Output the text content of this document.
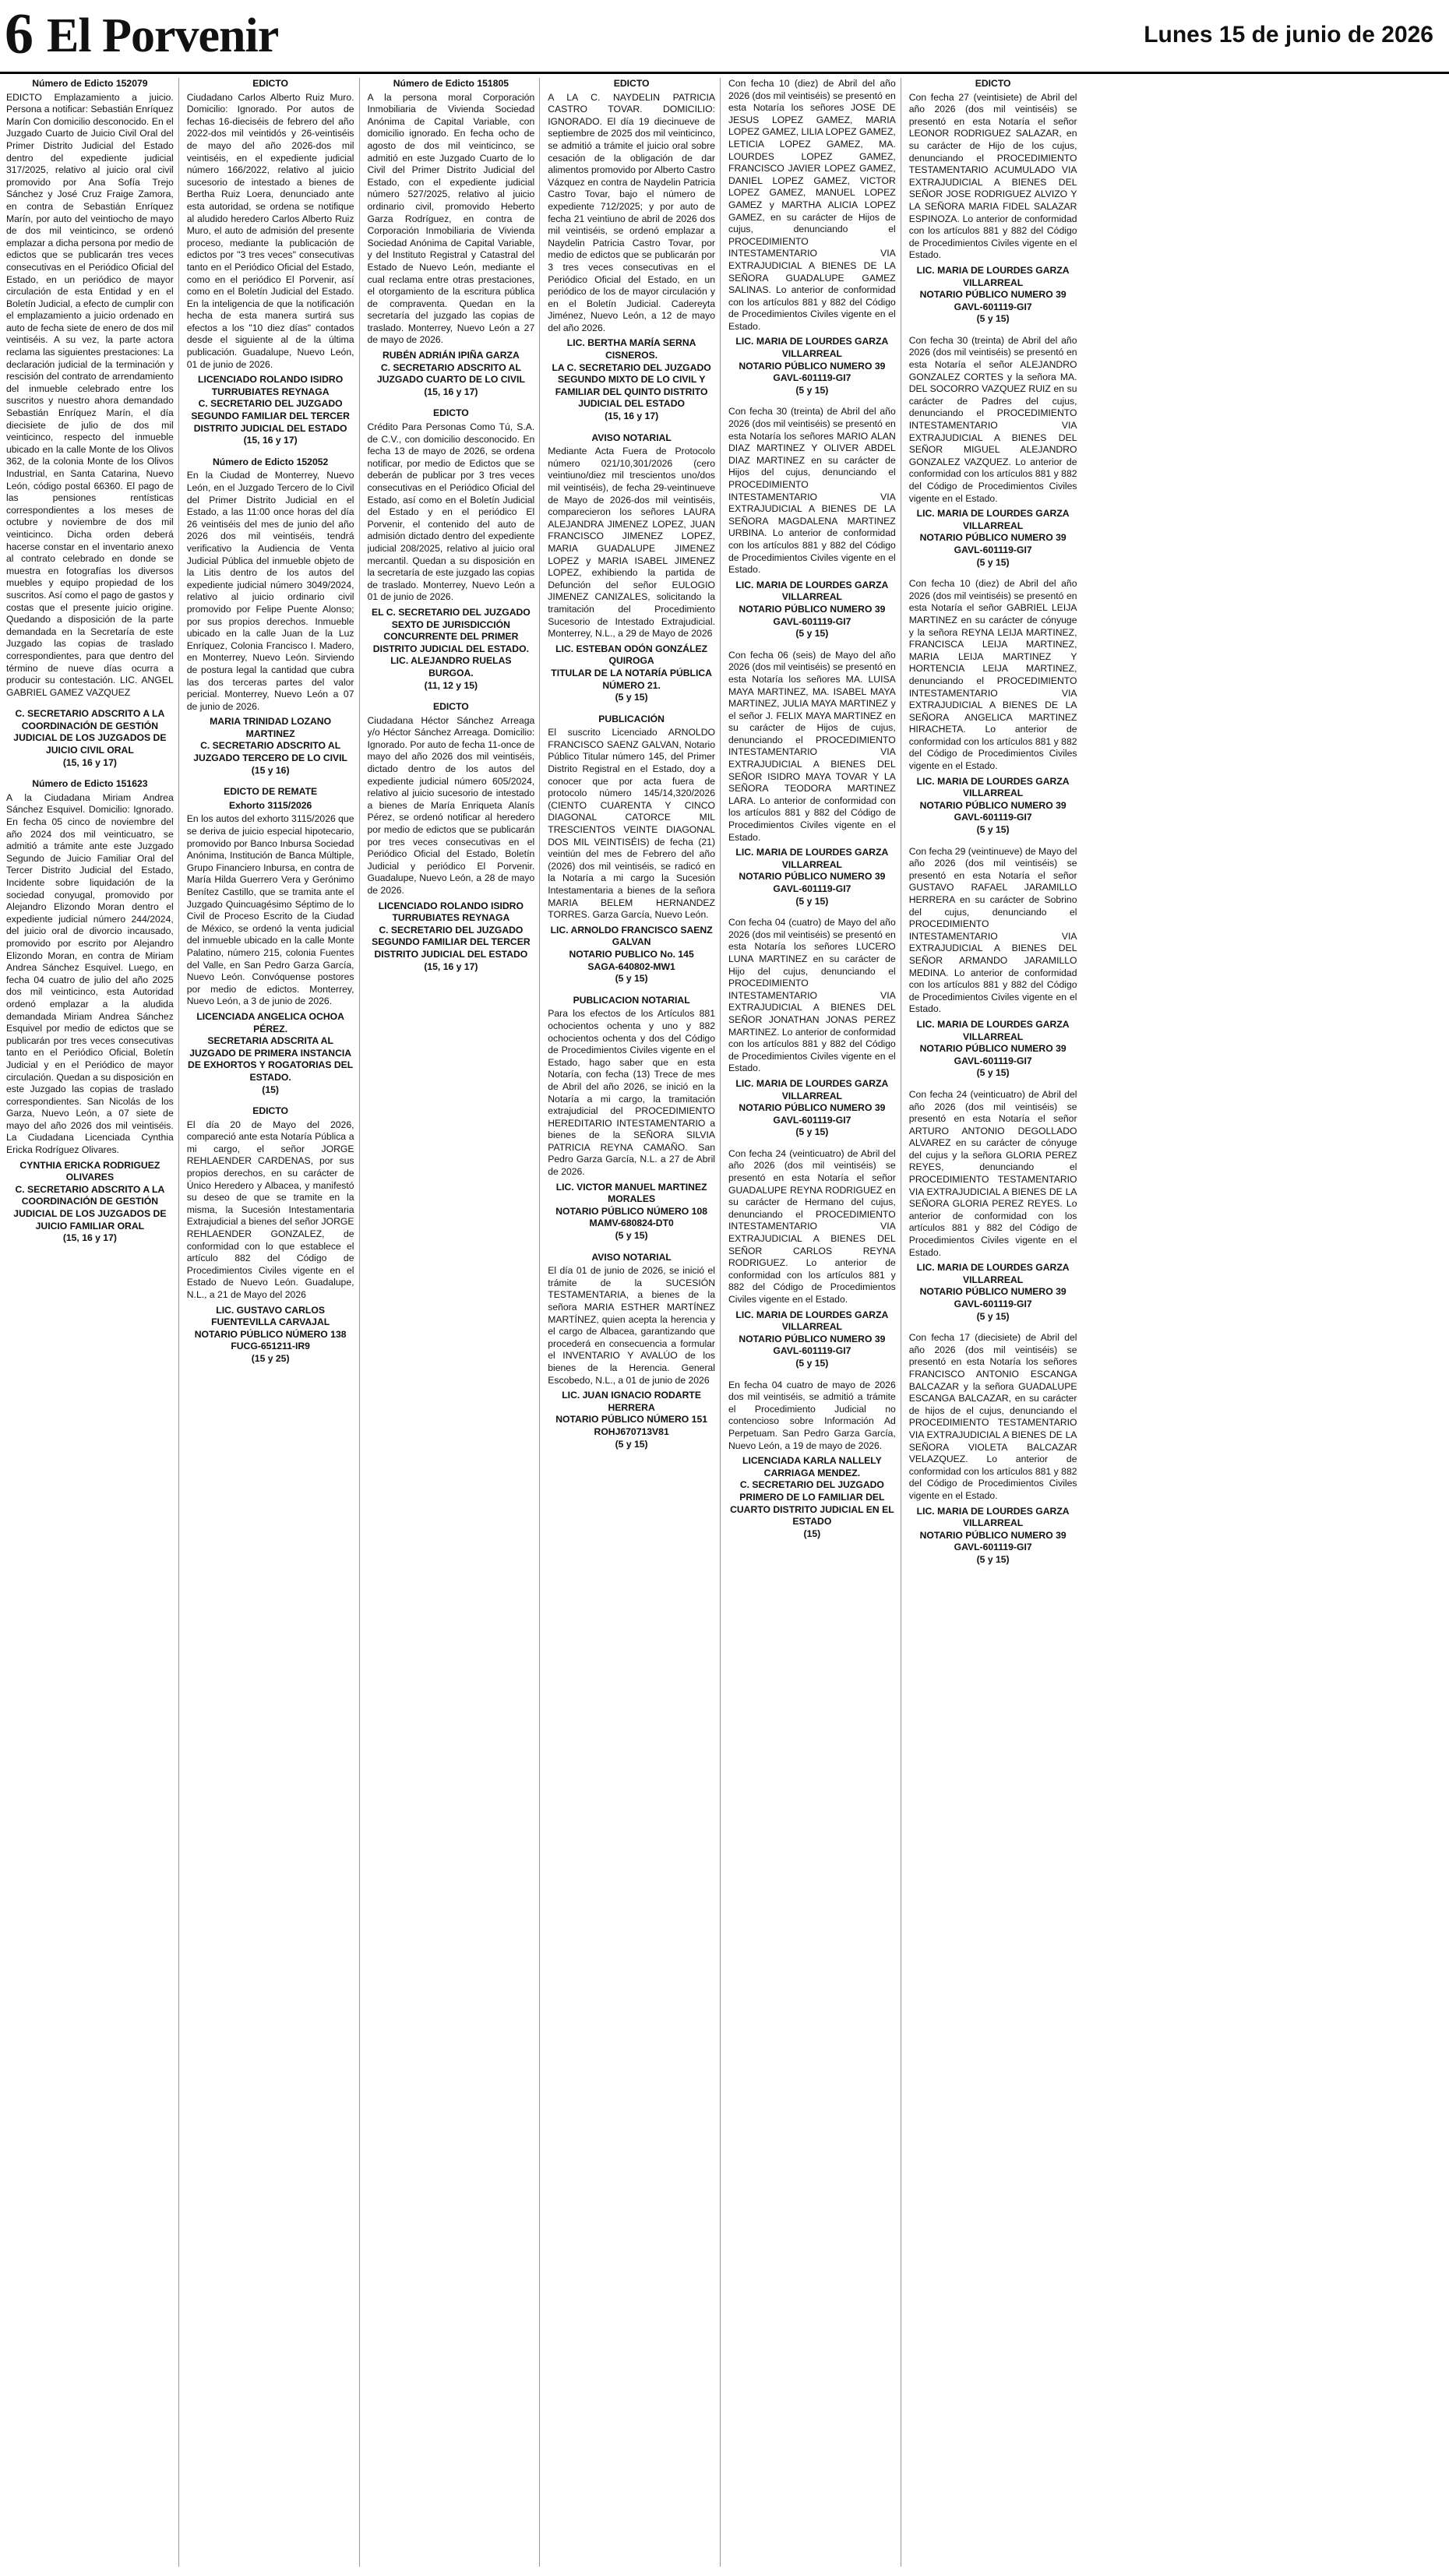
6 El Porvenir	Lunes 15 de junio de 2026
Número de Edicto 152079

EDICTO Emplazamiento a juicio. Persona a notificar: Sebastián Enríquez Marín Con domicilio desconocido. En el Juzgado Cuarto de Juicio Civil Oral del Primer Distrito Judicial del Estado dentro del expediente judicial 317/2025, relativo al juicio oral civil promovido por Ana Sofía Trejo Sánchez y José Cruz Fraige Zamora, en contra de Sebastián Enríquez Marín, por auto del veintiocho de mayo de dos mil veinticinco, se ordenó emplazar a dicha persona por medio de edictos que se publicarán tres veces consecutivas en el Periódico Oficial del Estado, en un periódico de mayor circulación de esta Entidad y en el Boletín Judicial, a efecto de cumplir con el emplazamiento a juicio ordenado en auto de fecha siete de enero de dos mil veintiséis. A su vez, la parte actora reclama las siguientes prestaciones: La declaración judicial de la terminación y rescisión del contrato de arrendamiento del inmueble celebrado entre los suscritos y nuestro ahora demandado Sebastián Enríquez Marín, el día diecisiete de julio de dos mil veinticinco, respecto del inmueble ubicado en la calle Monte de los Olivos 362, de la colonia Monte de los Olivos Industrial, en Santa Catarina, Nuevo León, código postal 66360. El pago de las pensiones rentísticas correspondientes a los meses de octubre y noviembre de dos mil veinticinco. Dicha orden deberá hacerse constar en el inventario anexo al contrato celebrado en donde se muestra en fotografías los diversos muebles y equipo propiedad de los suscritos. Así como el pago de gastos y costas que el presente juicio origine. Quedando a disposición de la parte demandada en la Secretaría de este Juzgado las copias de traslado correspondientes, para que dentro del término de nueve días ocurra a producir su contestación. LIC. ANGEL GABRIEL GAMEZ VAZQUEZ

C. SECRETARIO ADSCRITO A LA COORDINACIÓN DE GESTIÓN JUDICIAL DE LOS JUZGADOS DE JUICIO CIVIL ORAL
(15, 16 y 17)
Número de Edicto 151623

A la Ciudadana Miriam Andrea Sánchez Esquivel. Domicilio: Ignorado. En fecha 05 cinco de noviembre del año 2024 dos mil veinticuatro, se admitió a trámite ante este Juzgado Segundo de Juicio Familiar Oral del Tercer Distrito Judicial del Estado, Incidente sobre liquidación de la sociedad conyugal, promovido por Alejandro Elizondo Moran dentro el expediente judicial número 244/2024, del juicio oral de divorcio incausado, promovido por escrito por Alejandro Elizondo Moran, en contra de Miriam Andrea Sánchez Esquivel. Luego, en fecha 04 cuatro de julio del año 2025 dos mil veinticinco, esta Autoridad ordenó emplazar a la aludida demandada Miriam Andrea Sánchez Esquivel por medio de edictos que se publicarán por tres veces consecutivas tanto en el Periódico Oficial, Boletín Judicial y en el Periódico de mayor circulación. Quedan a su disposición en este Juzgado las copias de traslado correspondientes. San Nicolás de los Garza, Nuevo León, a 07 siete de mayo del año 2026 dos mil veintiséis. La Ciudadana Licenciada Cynthia Ericka Rodríguez Olivares.

CYNTHIA ERICKA RODRIGUEZ OLIVARES
C. SECRETARIO ADSCRITO A LA COORDINACIÓN DE GESTIÓN JUDICIAL DE LOS JUZGADOS DE JUICIO FAMILIAR ORAL
(15, 16 y 17)
EDICTO

Ciudadano Carlos Alberto Ruiz Muro. Domicilio: Ignorado. Por autos de fechas 16-dieciséis de febrero del año 2022-dos mil veintidós y 26-veintiséis de mayo del año 2026-dos mil veintiséis, en el expediente judicial número 166/2022, relativo al juicio sucesorio de intestado a bienes de Bertha Ruiz Loera, denunciado ante esta autoridad, se ordena se notifique al aludido heredero Carlos Alberto Ruiz Muro, el auto de admisión del presente proceso, mediante la publicación de edictos por "3 tres veces" consecutivas tanto en el Periódico Oficial del Estado, como en el periódico El Porvenir, así como en el Boletín Judicial del Estado. En la inteligencia de que la notificación hecha de esta manera surtirá sus efectos a los "10 diez días" contados desde el siguiente al de la última publicación. Guadalupe, Nuevo León, 01 de junio de 2026.

LICENCIADO ROLANDO ISIDRO TURRUBIATES REYNAGA
C. SECRETARIO DEL JUZGADO SEGUNDO FAMILIAR DEL TERCER DISTRITO JUDICIAL DEL ESTADO
(15, 16 y 17)
Número de Edicto 152052

En la Ciudad de Monterrey, Nuevo León, en el Juzgado Tercero de lo Civil del Primer Distrito Judicial en el Estado, a las 11:00 once horas del día 26 veintiséis del mes de junio del año 2026 dos mil veintiséis, tendrá verificativo la Audiencia de Venta Judicial Pública del inmueble objeto de la Litis dentro de los autos del expediente judicial número 3049/2024, relativo al juicio ordinario civil promovido por Felipe Puente Alonso; por sus propios derechos. Inmueble ubicado en la calle Juan de la Luz Enríquez, Colonia Francisco I. Madero, en Monterrey, Nuevo León. Sirviendo de postura legal la cantidad que cubra las dos terceras partes del valor pericial. Monterrey, Nuevo León a 07 de junio de 2026.

MARIA TRINIDAD LOZANO MARTINEZ
C. SECRETARIO ADSCRITO AL JUZGADO TERCERO DE LO CIVIL
(15 y 16)
EDICTO DE REMATE
Exhorto 3115/2026

En los autos del exhorto 3115/2026 que se deriva de juicio especial hipotecario, promovido por Banco Inbursa Sociedad Anónima, Institución de Banca Múltiple, Grupo Financiero Inbursa, en contra de María Hilda Guerrero Vera y Gerónimo Benítez Castillo, que se tramita ante el Juzgado Quincuagésimo Séptimo de lo Civil de Proceso Escrito de la Ciudad de México, se ordenó la venta judicial del inmueble ubicado en la calle Monte Palatino, número 215, colonia Fuentes del Valle, en San Pedro Garza García, Nuevo León. Convóquense postores por medio de edictos. Monterrey, Nuevo León, a 3 de junio de 2026.

LICENCIADA ANGELICA OCHOA PÉREZ.
SECRETARIA ADSCRITA AL JUZGADO DE PRIMERA INSTANCIA DE EXHORTOS Y ROGATORIAS DEL ESTADO.
(15)
EDICTO

El día 20 de Mayo del 2026, compareció ante esta Notaría Pública a mi cargo, el señor JORGE REHLAENDER CARDENAS, por sus propios derechos, en su carácter de Único Heredero y Albacea, y manifestó su deseo de que se tramite en la misma, la Sucesión Intestamentaria Extrajudicial a bienes del señor JORGE REHLAENDER GONZALEZ, de conformidad con lo que establece el artículo 882 del Código de Procedimientos Civiles vigente en el Estado de Nuevo León. Guadalupe, N.L., a 21 de Mayo del 2026

LIC. GUSTAVO CARLOS FUENTEVILLA CARVAJAL
NOTARIO PÚBLICO NÚMERO 138
FUCG-651211-IR9
(15 y 25)
Número de Edicto 151805

A la persona moral Corporación Inmobiliaria de Vivienda Sociedad Anónima de Capital Variable, con domicilio ignorado. En fecha ocho de agosto de dos mil veinticinco, se admitió en este Juzgado Cuarto de lo Civil del Primer Distrito Judicial del Estado, con el expediente judicial número 527/2025, relativo al juicio ordinario civil, promovido Heberto Garza Rodríguez, en contra de Corporación Inmobiliaria de Vivienda Sociedad Anónima de Capital Variable, y del Instituto Registral y Catastral del Estado de Nuevo León, mediante el cual reclama entre otras prestaciones, el otorgamiento de la escritura pública de compraventa. Quedan en la secretaría del juzgado las copias de traslado. Monterrey, Nuevo León a 27 de mayo de 2026.

RUBÉN ADRIÁN IPIÑA GARZA
C. SECRETARIO ADSCRITO AL JUZGADO CUARTO DE LO CIVIL
(15, 16 y 17)
EDICTO

Crédito Para Personas Como Tú, S.A. de C.V., con domicilio desconocido. En fecha 13 de mayo de 2026, se ordena notificar, por medio de Edictos que se deberán de publicar por 3 tres veces consecutivas en el Periódico Oficial del Estado, así como en el Boletín Judicial del Estado y en el periódico El Porvenir, el contenido del auto de admisión dictado dentro del expediente judicial 208/2025, relativo al juicio oral mercantil. Quedan a su disposición en la secretaría de este juzgado las copias de traslado. Monterrey, Nuevo León a 01 de junio de 2026.

EL C. SECRETARIO DEL JUZGADO SEXTO DE JURISDICCIÓN CONCURRENTE DEL PRIMER DISTRITO JUDICIAL DEL ESTADO.
LIC. ALEJANDRO RUELAS BURGOA.
(11, 12 y 15)
EDICTO

Ciudadana Héctor Sánchez Arreaga y/o Héctor Sánchez Arreaga. Domicilio: Ignorado. Por auto de fecha 11-once de mayo del año 2026 dos mil veintiséis, dictado dentro de los autos del expediente judicial número 605/2024, relativo al juicio sucesorio de intestado a bienes de María Enriqueta Alanís Pérez, se ordenó notificar al heredero por medio de edictos que se publicarán por tres veces consecutivas en el Periódico Oficial del Estado, Boletín Judicial y periódico El Porvenir. Guadalupe, Nuevo León, a 28 de mayo de 2026.

LICENCIADO ROLANDO ISIDRO TURRUBIATES REYNAGA
C. SECRETARIO DEL JUZGADO SEGUNDO FAMILIAR DEL TERCER DISTRITO JUDICIAL DEL ESTADO
(15, 16 y 17)
EDICTO

A LA C. NAYDELIN PATRICIA CASTRO TOVAR. DOMICILIO: IGNORADO. El día 19 diecinueve de septiembre de 2025 dos mil veinticinco, se admitió a trámite el juicio oral sobre cesación de la obligación de dar alimentos promovido por Alberto Castro Vázquez en contra de Naydelin Patricia Castro Tovar, bajo el número de expediente 712/2025; y por auto de fecha 21 veintiuno de abril de 2026 dos mil veintiséis, se ordenó emplazar a Naydelin Patricia Castro Tovar, por medio de edictos que se publicarán por 3 tres veces consecutivas en el Periódico Oficial del Estado, en un periódico de los de mayor circulación y en el Boletín Judicial. Cadereyta Jiménez, Nuevo León, a 12 de mayo del año 2026.

LIC. BERTHA MARÍA SERNA CISNEROS.
LA C. SECRETARIO DEL JUZGADO SEGUNDO MIXTO DE LO CIVIL Y FAMILIAR DEL QUINTO DISTRITO JUDICIAL DEL ESTADO
(15, 16 y 17)
AVISO NOTARIAL

Mediante Acta Fuera de Protocolo número 021/10,301/2026 (cero veintiuno/diez mil trescientos uno/dos mil veintiséis), de fecha 29-veintinueve de Mayo de 2026-dos mil veintiséis, comparecieron los señores LAURA ALEJANDRA JIMENEZ LOPEZ, JUAN FRANCISCO JIMENEZ LOPEZ, MARIA GUADALUPE JIMENEZ LOPEZ y MARIA ISABEL JIMENEZ LOPEZ, exhibiendo la partida de Defunción del señor EULOGIO JIMENEZ CANIZALES, solicitando la tramitación del Procedimiento Sucesorio de Intestado Extrajudicial. Monterrey, N.L., a 29 de Mayo de 2026

LIC. ESTEBAN ODÓN GONZÁLEZ QUIROGA
TITULAR DE LA NOTARÍA PÚBLICA NÚMERO 21.
(5 y 15)
PUBLICACIÓN

El suscrito Licenciado ARNOLDO FRANCISCO SAENZ GALVAN, Notario Público Titular número 145, del Primer Distrito Registral en el Estado, doy a conocer que por acta fuera de protocolo número 145/14,320/2026 (CIENTO CUARENTA Y CINCO DIAGONAL CATORCE MIL TRESCIENTOS VEINTE DIAGONAL DOS MIL VEINTISÉIS) de fecha (21) veintiún del mes de Febrero del año (2026) dos mil veintiséis, se radicó en la Notaría a mi cargo la Sucesión Intestamentaria a bienes de la señora MARIA BELEM HERNANDEZ TORRES. Garza García, Nuevo León.

LIC. ARNOLDO FRANCISCO SAENZ GALVAN
NOTARIO PUBLICO No. 145
SAGA-640802-MW1
(5 y 15)
PUBLICACION NOTARIAL

Para los efectos de los Artículos 881 ochocientos ochenta y uno y 882 ochocientos ochenta y dos del Código de Procedimientos Civiles vigente en el Estado, hago saber que en esta Notaría, con fecha (13) Trece de mes de Abril del año 2026, se inició en la Notaría a mi cargo, la tramitación extrajudicial del PROCEDIMIENTO HEREDITARIO INTESTAMENTARIO a bienes de la SEÑORA SILVIA PATRICIA REYNA CAMAÑO. San Pedro Garza García, N.L. a 27 de Abril de 2026.

LIC. VICTOR MANUEL MARTINEZ MORALES
NOTARIO PÚBLICO NÚMERO 108
MAMV-680824-DT0
(5 y 15)
AVISO NOTARIAL

El día 01 de junio de 2026, se inició el trámite de la SUCESIÓN TESTAMENTARIA, a bienes de la señora MARIA ESTHER MARTÍNEZ MARTÍNEZ, quien acepta la herencia y el cargo de Albacea, garantizando que procederá en consecuencia a formular el INVENTARIO Y AVALÚO de los bienes de la Herencia. General Escobedo, N.L., a 01 de junio de 2026

LIC. JUAN IGNACIO RODARTE HERRERA
NOTARIO PÚBLICO NÚMERO 151
ROHJ670713V81
(5 y 15)

Con fecha 10 (diez) de Abril del año 2026 (dos mil veintiséis) se presentó en esta Notaría los señores JOSE DE JESUS LOPEZ GAMEZ, MARIA LOPEZ GAMEZ, LILIA LOPEZ GAMEZ, LETICIA LOPEZ GAMEZ, MA. LOURDES LOPEZ GAMEZ, FRANCISCO JAVIER LOPEZ GAMEZ, DANIEL LOPEZ GAMEZ, VICTOR LOPEZ GAMEZ, MANUEL LOPEZ GAMEZ y MARTHA ALICIA LOPEZ GAMEZ, en su carácter de Hijos de cujus, denunciando el PROCEDIMIENTO INTESTAMENTARIO VIA EXTRAJUDICIAL A BIENES DE LA SEÑORA GUADALUPE GAMEZ SALINAS. Lo anterior de conformidad con los artículos 881 y 882 del Código de Procedimientos Civiles vigente en el Estado.

LIC. MARIA DE LOURDES GARZA VILLARREAL
NOTARIO PÚBLICO NUMERO 39
GAVL-601119-GI7
(5 y 15)

Con fecha 30 (treinta) de Abril del año 2026 (dos mil veintiséis) se presentó en esta Notaría los señores MARIO ALAN DIAZ MARTINEZ Y OLIVER ABDEL DIAZ MARTINEZ en su carácter de Hijos del cujus, denunciando el PROCEDIMIENTO INTESTAMENTARIO VIA EXTRAJUDICIAL A BIENES DE LA SEÑORA MAGDALENA MARTINEZ URBINA. Lo anterior de conformidad con los artículos 881 y 882 del Código de Procedimientos Civiles vigente en el Estado.

LIC. MARIA DE LOURDES GARZA VILLARREAL
NOTARIO PÚBLICO NUMERO 39
GAVL-601119-GI7
(5 y 15)

Con fecha 06 (seis) de Mayo del año 2026 (dos mil veintiséis) se presentó en esta Notaría los señores MA. LUISA MAYA MARTINEZ, MA. ISABEL MAYA MARTINEZ, JULIA MAYA MARTINEZ y el señor J. FELIX MAYA MARTINEZ en su carácter de Hijos de cujus, denunciando el PROCEDIMIENTO INTESTAMENTARIO VIA EXTRAJUDICIAL A BIENES DEL SEÑOR ISIDRO MAYA TOVAR Y LA SEÑORA TEODORA MARTINEZ LARA. Lo anterior de conformidad con los artículos 881 y 882 del Código de Procedimientos Civiles vigente en el Estado.

LIC. MARIA DE LOURDES GARZA VILLARREAL
NOTARIO PÚBLICO NUMERO 39
GAVL-601119-GI7
(5 y 15)

Con fecha 04 (cuatro) de Mayo del año 2026 (dos mil veintiséis) se presentó en esta Notaría los señores LUCERO LUNA MARTINEZ en su carácter de Hijo del cujus, denunciando el PROCEDIMIENTO INTESTAMENTARIO VIA EXTRAJUDICIAL A BIENES DEL SEÑOR JONATHAN JONAS PEREZ MARTINEZ. Lo anterior de conformidad con los artículos 881 y 882 del Código de Procedimientos Civiles vigente en el Estado.

LIC. MARIA DE LOURDES GARZA VILLARREAL
NOTARIO PÚBLICO NUMERO 39
GAVL-601119-GI7
(5 y 15)

Con fecha 24 (veinticuatro) de Abril del año 2026 (dos mil veintiséis) se presentó en esta Notaría el señor GUADALUPE REYNA RODRIGUEZ en su carácter de Hermano del cujus, denunciando el PROCEDIMIENTO INTESTAMENTARIO VIA EXTRAJUDICIAL A BIENES DEL SEÑOR CARLOS REYNA RODRIGUEZ. Lo anterior de conformidad con los artículos 881 y 882 del Código de Procedimientos Civiles vigente en el Estado.

LIC. MARIA DE LOURDES GARZA VILLARREAL
NOTARIO PÚBLICO NUMERO 39
GAVL-601119-GI7
(5 y 15)

En fecha 04 cuatro de mayo de 2026 dos mil veintiséis, se admitió a trámite el Procedimiento Judicial no contencioso sobre Información Ad Perpetuam. San Pedro Garza García, Nuevo León, a 19 de mayo de 2026.

LICENCIADA KARLA NALLELY CARRIAGA MENDEZ.
C. SECRETARIO DEL JUZGADO PRIMERO DE LO FAMILIAR DEL CUARTO DISTRITO JUDICIAL EN EL ESTADO
(15)
EDICTO

Con fecha 27 (veintisiete) de Abril del año 2026 (dos mil veintiséis) se presentó en esta Notaría el señor LEONOR RODRIGUEZ SALAZAR, en su carácter de Hijo de los cujus, denunciando el PROCEDIMIENTO TESTAMENTARIO ACUMULADO VIA EXTRAJUDICIAL A BIENES DEL SEÑOR JOSE RODRIGUEZ ALVIZO Y LA SEÑORA MARIA FIDEL SALAZAR ESPINOZA. Lo anterior de conformidad con los artículos 881 y 882 del Código de Procedimientos Civiles vigente en el Estado.

LIC. MARIA DE LOURDES GARZA VILLARREAL
NOTARIO PÚBLICO NUMERO 39
GAVL-601119-GI7
(5 y 15)

Con fecha 30 (treinta) de Abril del año 2026 (dos mil veintiséis) se presentó en esta Notaría el señor ALEJANDRO GONZALEZ CORTES y la señora MA. DEL SOCORRO VAZQUEZ RUIZ en su carácter de Padres del cujus, denunciando el PROCEDIMIENTO INTESTAMENTARIO VIA EXTRAJUDICIAL A BIENES DEL SEÑOR MIGUEL ALEJANDRO GONZALEZ VAZQUEZ. Lo anterior de conformidad con los artículos 881 y 882 del Código de Procedimientos Civiles vigente en el Estado.

LIC. MARIA DE LOURDES GARZA VILLARREAL
NOTARIO PÚBLICO NUMERO 39
GAVL-601119-GI7
(5 y 15)

Con fecha 10 (diez) de Abril del año 2026 (dos mil veintiséis) se presentó en esta Notaría el señor GABRIEL LEIJA MARTINEZ en su carácter de cónyuge y la señora REYNA LEIJA MARTINEZ, FRANCISCA LEIJA MARTINEZ, MARIA LEIJA MARTINEZ Y HORTENCIA LEIJA MARTINEZ, denunciando el PROCEDIMIENTO INTESTAMENTARIO VIA EXTRAJUDICIAL A BIENES DE LA SEÑORA ANGELICA MARTINEZ HIRACHETA. Lo anterior de conformidad con los artículos 881 y 882 del Código de Procedimientos Civiles vigente en el Estado.

LIC. MARIA DE LOURDES GARZA VILLARREAL
NOTARIO PÚBLICO NUMERO 39
GAVL-601119-GI7
(5 y 15)

Con fecha 29 (veintinueve) de Mayo del año 2026 (dos mil veintiséis) se presentó en esta Notaría el señor GUSTAVO RAFAEL JARAMILLO HERRERA en su carácter de Sobrino del cujus, denunciando el PROCEDIMIENTO INTESTAMENTARIO VIA EXTRAJUDICIAL A BIENES DEL SEÑOR ARMANDO JARAMILLO MEDINA. Lo anterior de conformidad con los artículos 881 y 882 del Código de Procedimientos Civiles vigente en el Estado.

LIC. MARIA DE LOURDES GARZA VILLARREAL
NOTARIO PÚBLICO NUMERO 39
GAVL-601119-GI7
(5 y 15)

Con fecha 24 (veinticuatro) de Abril del año 2026 (dos mil veintiséis) se presentó en esta Notaría el señor ARTURO ANTONIO DEGOLLADO ALVAREZ en su carácter de cónyuge del cujus y la señora GLORIA PEREZ REYES, denunciando el PROCEDIMIENTO TESTAMENTARIO VIA EXTRAJUDICIAL A BIENES DE LA SEÑORA GLORIA PEREZ REYES. Lo anterior de conformidad con los artículos 881 y 882 del Código de Procedimientos Civiles vigente en el Estado.

LIC. MARIA DE LOURDES GARZA VILLARREAL
NOTARIO PÚBLICO NUMERO 39
GAVL-601119-GI7
(5 y 15)

Con fecha 17 (diecisiete) de Abril del año 2026 (dos mil veintiséis) se presentó en esta Notaría los señores FRANCISCO ANTONIO ESCANGA BALCAZAR y la señora GUADALUPE ESCANGA BALCAZAR, en su carácter de hijos de el cujus, denunciando el PROCEDIMIENTO TESTAMENTARIO VIA EXTRAJUDICIAL A BIENES DE LA SEÑORA VIOLETA BALCAZAR VELAZQUEZ. Lo anterior de conformidad con los artículos 881 y 882 del Código de Procedimientos Civiles vigente en el Estado.

LIC. MARIA DE LOURDES GARZA VILLARREAL
NOTARIO PÚBLICO NUMERO 39
GAVL-601119-GI7
(5 y 15)
